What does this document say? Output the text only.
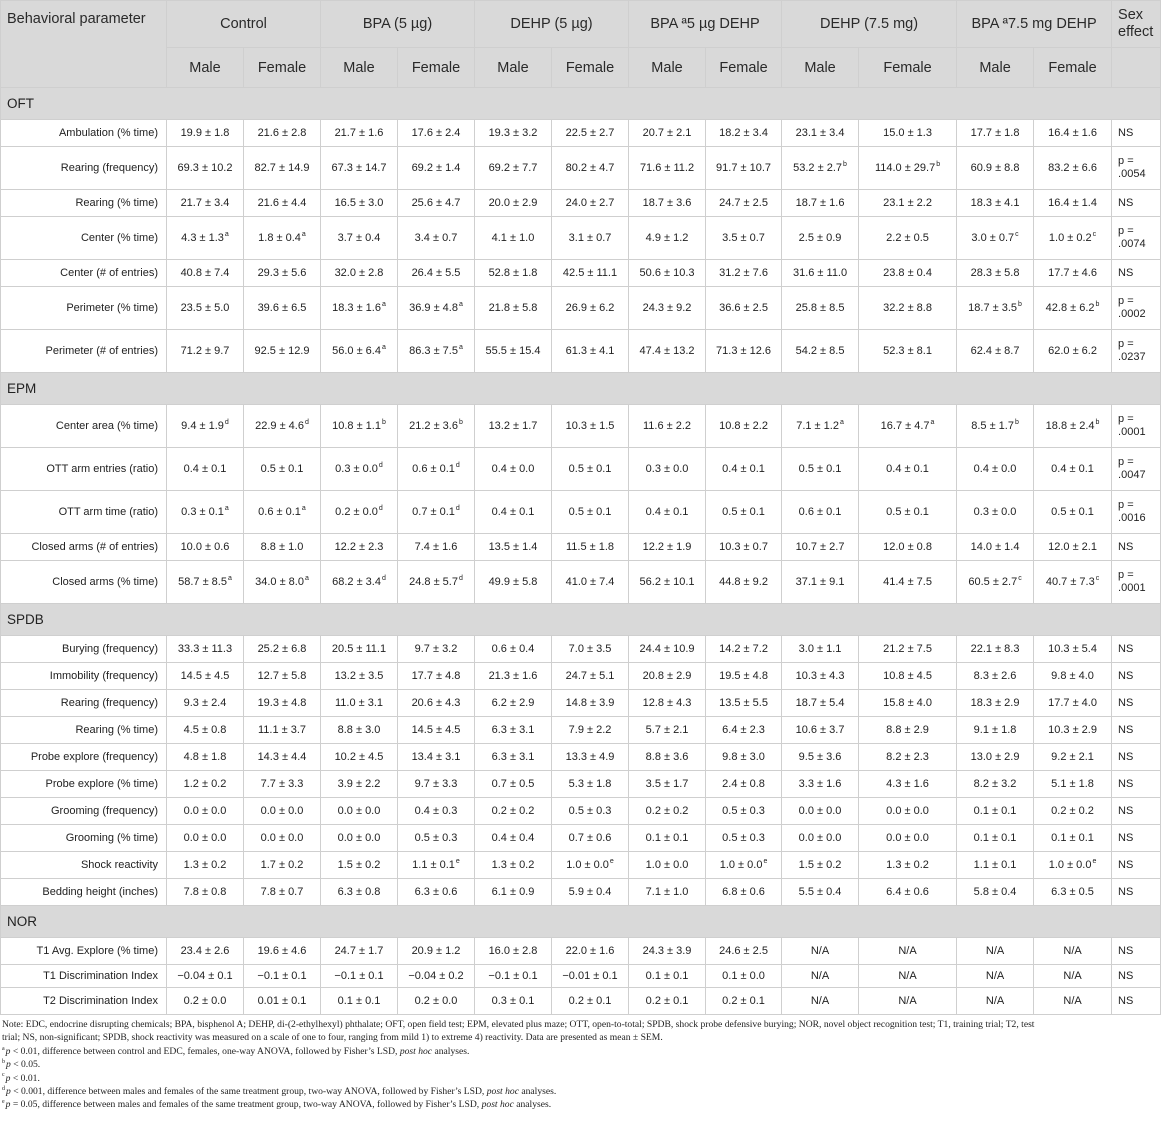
Behavioral parameter	Control		BPA (5 µg)		DEHP (5 µg)		BPA ª5 µg DEHP		DEHP (7.5 mg)		BPA ª7.5 mg DEHP		Sex
effect
	Male	Female	Male	Female	Male	Female	Male	Female	Male	Female	Male	Female	
OFT													
Ambulation (% time)	19.9 ± 1.8	21.6 ± 2.8	21.7 ± 1.6	17.6 ± 2.4	19.3 ± 3.2	22.5 ± 2.7	20.7 ± 2.1	18.2 ± 3.4	23.1 ± 3.4	15.0 ± 1.3	17.7 ± 1.8	16.4 ± 1.6	NS
Rearing (frequency)	69.3 ± 10.2	82.7 ± 14.9	67.3 ± 14.7	69.2 ± 1.4	69.2 ± 7.7	80.2 ± 4.7	71.6 ± 11.2	91.7 ± 10.7	53.2 ± 2.7$^b$	114.0 ± 29.7$^b$	60.9 ± 8.8	83.2 ± 6.6	p =
.0054
Rearing (% time)	21.7 ± 3.4	21.6 ± 4.4	16.5 ± 3.0	25.6 ± 4.7	20.0 ± 2.9	24.0 ± 2.7	18.7 ± 3.6	24.7 ± 2.5	18.7 ± 1.6	23.1 ± 2.2	18.3 ± 4.1	16.4 ± 1.4	NS
Center (% time)	4.3 ± 1.3$^a$	1.8 ± 0.4$^a$	3.7 ± 0.4	3.4 ± 0.7	4.1 ± 1.0	3.1 ± 0.7	4.9 ± 1.2	3.5 ± 0.7	2.5 ± 0.9	2.2 ± 0.5	3.0 ± 0.7$^c$	1.0 ± 0.2$^c$	p =
.0074
Center (# of entries)	40.8 ± 7.4	29.3 ± 5.6	32.0 ± 2.8	26.4 ± 5.5	52.8 ± 1.8	42.5 ± 11.1	50.6 ± 10.3	31.2 ± 7.6	31.6 ± 11.0	23.8 ± 0.4	28.3 ± 5.8	17.7 ± 4.6	NS
Perimeter (% time)	23.5 ± 5.0	39.6 ± 6.5	18.3 ± 1.6$^a$	36.9 ± 4.8$^a$	21.8 ± 5.8	26.9 ± 6.2	24.3 ± 9.2	36.6 ± 2.5	25.8 ± 8.5	32.2 ± 8.8	18.7 ± 3.5$^b$	42.8 ± 6.2$^b$	p =
.0002
Perimeter (# of entries)	71.2 ± 9.7	92.5 ± 12.9	56.0 ± 6.4$^a$	86.3 ± 7.5$^a$	55.5 ± 15.4	61.3 ± 4.1	47.4 ± 13.2	71.3 ± 12.6	54.2 ± 8.5	52.3 ± 8.1	62.4 ± 8.7	62.0 ± 6.2	p =
.0237
EPM													
Center area (% time)	9.4 ± 1.9$^d$	22.9 ± 4.6$^d$	10.8 ± 1.1$^b$	21.2 ± 3.6$^b$	13.2 ± 1.7	10.3 ± 1.5	11.6 ± 2.2	10.8 ± 2.2	7.1 ± 1.2$^a$	16.7 ± 4.7$^a$	8.5 ± 1.7$^b$	18.8 ± 2.4$^b$	p =
.0001
OTT arm entries (ratio)	0.4 ± 0.1	0.5 ± 0.1	0.3 ± 0.0$^d$	0.6 ± 0.1$^d$	0.4 ± 0.0	0.5 ± 0.1	0.3 ± 0.0	0.4 ± 0.1	0.5 ± 0.1	0.4 ± 0.1	0.4 ± 0.0	0.4 ± 0.1	p =
.0047
OTT arm time (ratio)	0.3 ± 0.1$^a$	0.6 ± 0.1$^a$	0.2 ± 0.0$^d$	0.7 ± 0.1$^d$	0.4 ± 0.1	0.5 ± 0.1	0.4 ± 0.1	0.5 ± 0.1	0.6 ± 0.1	0.5 ± 0.1	0.3 ± 0.0	0.5 ± 0.1	p =
.0016
Closed arms (# of entries)	10.0 ± 0.6	8.8 ± 1.0	12.2 ± 2.3	7.4 ± 1.6	13.5 ± 1.4	11.5 ± 1.8	12.2 ± 1.9	10.3 ± 0.7	10.7 ± 2.7	12.0 ± 0.8	14.0 ± 1.4	12.0 ± 2.1	NS
Closed arms (% time)	58.7 ± 8.5$^a$	34.0 ± 8.0$^a$	68.2 ± 3.4$^d$	24.8 ± 5.7$^d$	49.9 ± 5.8	41.0 ± 7.4	56.2 ± 10.1	44.8 ± 9.2	37.1 ± 9.1	41.4 ± 7.5	60.5 ± 2.7$^c$	40.7 ± 7.3$^c$	p =
.0001
SPDB													
Burying (frequency)	33.3 ± 11.3	25.2 ± 6.8	20.5 ± 11.1	9.7 ± 3.2	0.6 ± 0.4	7.0 ± 3.5	24.4 ± 10.9	14.2 ± 7.2	3.0 ± 1.1	21.2 ± 7.5	22.1 ± 8.3	10.3 ± 5.4	NS
Immobility (frequency)	14.5 ± 4.5	12.7 ± 5.8	13.2 ± 3.5	17.7 ± 4.8	21.3 ± 1.6	24.7 ± 5.1	20.8 ± 2.9	19.5 ± 4.8	10.3 ± 4.3	10.8 ± 4.5	8.3 ± 2.6	9.8 ± 4.0	NS
Rearing (frequency)	9.3 ± 2.4	19.3 ± 4.8	11.0 ± 3.1	20.6 ± 4.3	6.2 ± 2.9	14.8 ± 3.9	12.8 ± 4.3	13.5 ± 5.5	18.7 ± 5.4	15.8 ± 4.0	18.3 ± 2.9	17.7 ± 4.0	NS
Rearing (% time)	4.5 ± 0.8	11.1 ± 3.7	8.8 ± 3.0	14.5 ± 4.5	6.3 ± 3.1	7.9 ± 2.2	5.7 ± 2.1	6.4 ± 2.3	10.6 ± 3.7	8.8 ± 2.9	9.1 ± 1.8	10.3 ± 2.9	NS
Probe explore (frequency)	4.8 ± 1.8	14.3 ± 4.4	10.2 ± 4.5	13.4 ± 3.1	6.3 ± 3.1	13.3 ± 4.9	8.8 ± 3.6	9.8 ± 3.0	9.5 ± 3.6	8.2 ± 2.3	13.0 ± 2.9	9.2 ± 2.1	NS
Probe explore (% time)	1.2 ± 0.2	7.7 ± 3.3	3.9 ± 2.2	9.7 ± 3.3	0.7 ± 0.5	5.3 ± 1.8	3.5 ± 1.7	2.4 ± 0.8	3.3 ± 1.6	4.3 ± 1.6	8.2 ± 3.2	5.1 ± 1.8	NS
Grooming (frequency)	0.0 ± 0.0	0.0 ± 0.0	0.0 ± 0.0	0.4 ± 0.3	0.2 ± 0.2	0.5 ± 0.3	0.2 ± 0.2	0.5 ± 0.3	0.0 ± 0.0	0.0 ± 0.0	0.1 ± 0.1	0.2 ± 0.2	NS
Grooming (% time)	0.0 ± 0.0	0.0 ± 0.0	0.0 ± 0.0	0.5 ± 0.3	0.4 ± 0.4	0.7 ± 0.6	0.1 ± 0.1	0.5 ± 0.3	0.0 ± 0.0	0.0 ± 0.0	0.1 ± 0.1	0.1 ± 0.1	NS
Shock reactivity	1.3 ± 0.2	1.7 ± 0.2	1.5 ± 0.2	1.1 ± 0.1$^e$	1.3 ± 0.2	1.0 ± 0.0$^e$	1.0 ± 0.0	1.0 ± 0.0$^e$	1.5 ± 0.2	1.3 ± 0.2	1.1 ± 0.1	1.0 ± 0.0$^e$	NS
Bedding height (inches)	7.8 ± 0.8	7.8 ± 0.7	6.3 ± 0.8	6.3 ± 0.6	6.1 ± 0.9	5.9 ± 0.4	7.1 ± 1.0	6.8 ± 0.6	5.5 ± 0.4	6.4 ± 0.6	5.8 ± 0.4	6.3 ± 0.5	NS
NOR													
T1 Avg. Explore (% time)	23.4 ± 2.6	19.6 ± 4.6	24.7 ± 1.7	20.9 ± 1.2	16.0 ± 2.8	22.0 ± 1.6	24.3 ± 3.9	24.6 ± 2.5	N/A	N/A	N/A	N/A	NS
T1 Discrimination Index	−0.04 ± 0.1	−0.1 ± 0.1	−0.1 ± 0.1	−0.04 ± 0.2	−0.1 ± 0.1	−0.01 ± 0.1	0.1 ± 0.1	0.1 ± 0.0	N/A	N/A	N/A	N/A	NS
T2 Discrimination Index	0.2 ± 0.0	0.01 ± 0.1	0.1 ± 0.1	0.2 ± 0.0	0.3 ± 0.1	0.2 ± 0.1	0.2 ± 0.1	0.2 ± 0.1	N/A	N/A	N/A	N/A	NS
Note: EDC, endocrine disrupting chemicals; BPA, bisphenol A; DEHP, di-(2-ethylhexyl) phthalate; OFT, open field test; EPM, elevated plus maze; OTT, open-to-total; SPDB, shock probe defensive burying; NOR, novel object recognition test; T1, training trial; T2, test
trial; NS, non-significant; SPDB, shock reactivity was measured on a scale of one to four, ranging from mild 1) to extreme 4) reactivity. Data are presented as mean ± SEM.
$^a$p < 0.01, difference between control and EDC, females, one-way ANOVA, followed by Fisher’s LSD, post hoc analyses.
$^b$p < 0.05.
$^c$p < 0.01.
$^d$p < 0.001, difference between males and females of the same treatment group, two-way ANOVA, followed by Fisher’s LSD, post hoc analyses.
$^e$p = 0.05, difference between males and females of the same treatment group, two-way ANOVA, followed by Fisher’s LSD, post hoc analyses.
